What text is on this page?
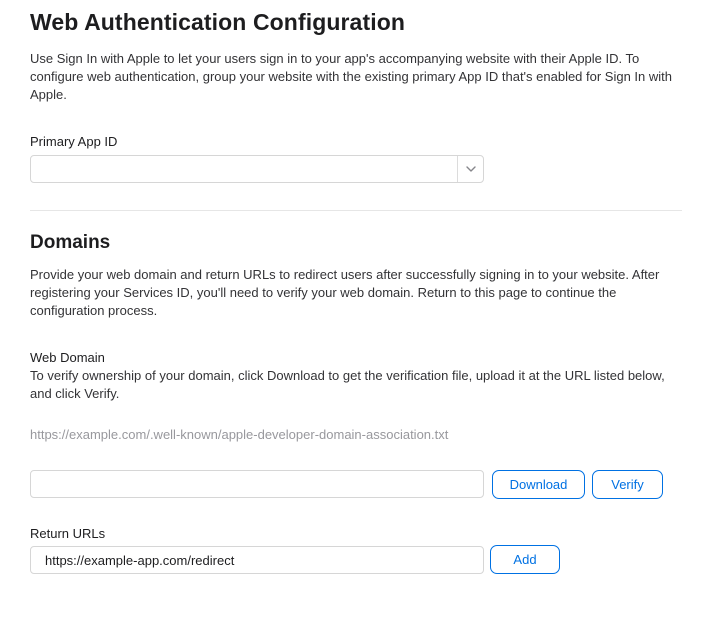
Web Authentication Configuration

Use Sign In with Apple to let your users sign in to your app's accompanying website with their Apple ID. To configure web authentication, group your website with the existing primary App ID that's enabled for Sign In with Apple.

Primary App ID
Domains

Provide your web domain and return URLs to redirect users after successfully signing in to your website. After registering your Services ID, you'll need to verify your web domain. Return to this page to continue the configuration process.

Web Domain

To verify ownership of your domain, click Download to get the verification file, upload it at the URL listed below, and click Verify.

https://example.com/.well-known/apple-developer-domain-association.txt
Download	Verify
Return URLs
https://example-app.com/redirect
Add
